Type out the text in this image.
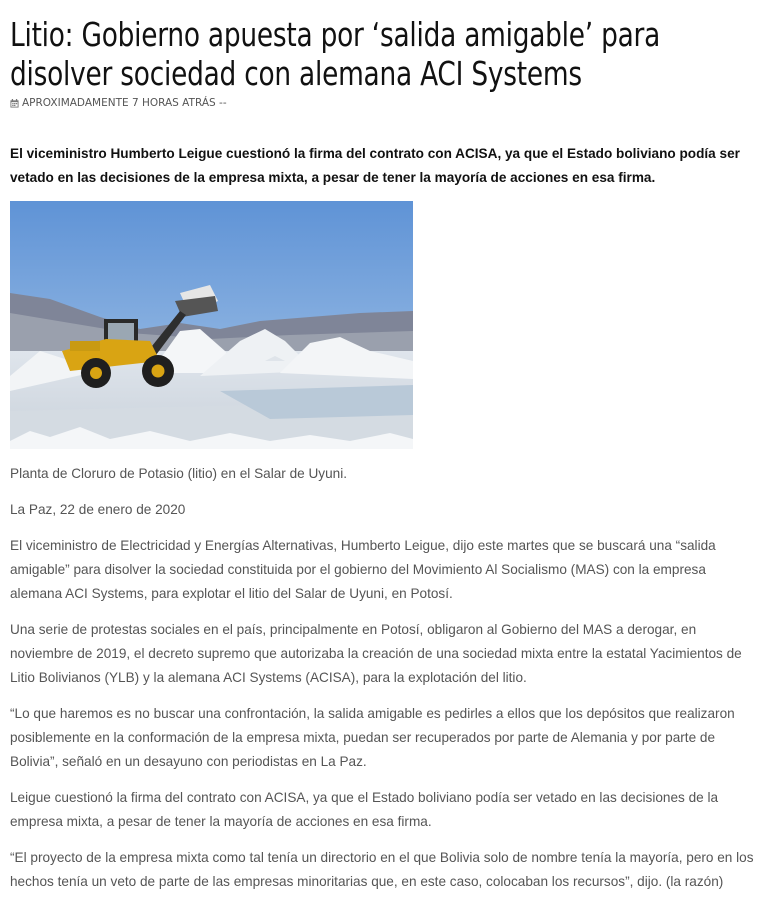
Litio: Gobierno apuesta por ‘salida amigable’ para disolver sociedad con alemana ACI Systems
APROXIMADAMENTE 7 HORAS ATRÁS --

El viceministro Humberto Leigue cuestionó la firma del contrato con ACISA, ya que el Estado boliviano podía ser vetado en las decisiones de la empresa mixta, a pesar de tener la mayoría de acciones en esa firma.

Planta de Cloruro de Potasio (litio) en el Salar de Uyuni.

La Paz, 22 de enero de 2020

El viceministro de Electricidad y Energías Alternativas, Humberto Leigue, dijo este martes que se buscará una “salida amigable” para disolver la sociedad constituida por el gobierno del Movimiento Al Socialismo (MAS) con la empresa alemana ACI Systems, para explotar el litio del Salar de Uyuni, en Potosí.

Una serie de protestas sociales en el país, principalmente en Potosí, obligaron al Gobierno del MAS a derogar, en noviembre de 2019, el decreto supremo que autorizaba la creación de una sociedad mixta entre la estatal Yacimientos de Litio Bolivianos (YLB) y la alemana ACI Systems (ACISA), para la explotación del litio.

“Lo que haremos es no buscar una confrontación, la salida amigable es pedirles a ellos que los depósitos que realizaron posiblemente en la conformación de la empresa mixta, puedan ser recuperados por parte de Alemania y por parte de Bolivia”, señaló en un desayuno con periodistas en La Paz.

Leigue cuestionó la firma del contrato con ACISA, ya que el Estado boliviano podía ser vetado en las decisiones de la empresa mixta, a pesar de tener la mayoría de acciones en esa firma.

“El proyecto de la empresa mixta como tal tenía un directorio en el que Bolivia solo de nombre tenía la mayoría, pero en los hechos tenía un veto de parte de las empresas minoritarias que, en este caso, colocaban los recursos”, dijo. (la razón)
